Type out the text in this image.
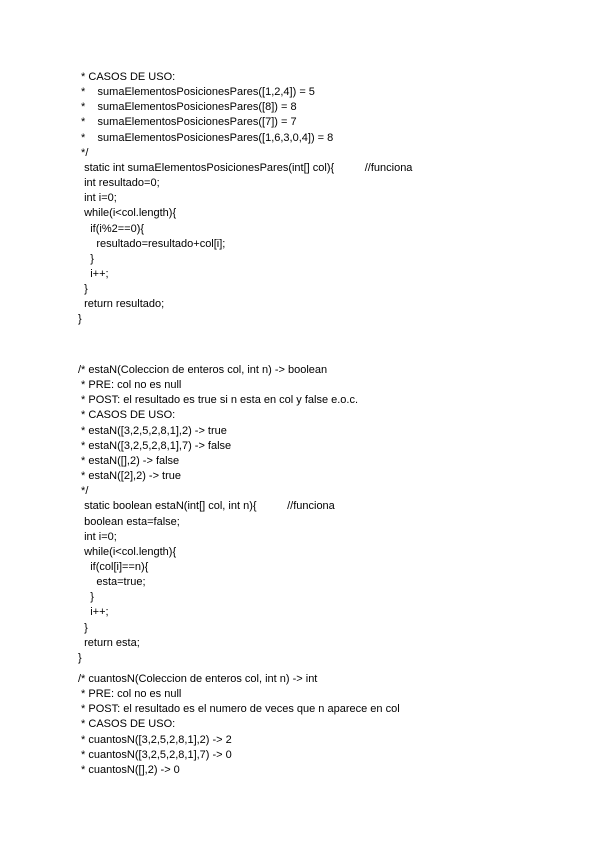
* CASOS DE USO:
*    sumaElementosPosicionesPares([1,2,4]) = 5
*    sumaElementosPosicionesPares([8]) = 8
*    sumaElementosPosicionesPares([7]) = 7
*    sumaElementosPosicionesPares([1,6,3,0,4]) = 8
*/
static int sumaElementosPosicionesPares(int[] col){          //funciona
int resultado=0;
int i=0;
while(i<col.length){
if(i%2==0){
resultado=resultado+col[i];
}
i++;
}
return resultado;
}
/* estaN(Coleccion de enteros col, int n) -> boolean
* PRE: col no es null
* POST: el resultado es true si n esta en col y false e.o.c.
* CASOS DE USO:
* estaN([3,2,5,2,8,1],2) -> true
* estaN([3,2,5,2,8,1],7) -> false
* estaN([],2) -> false
* estaN([2],2) -> true
*/
static boolean estaN(int[] col, int n){          //funciona
boolean esta=false;
int i=0;
while(i<col.length){
if(col[i]==n){
esta=true;
}
i++;
}
return esta;
}
/* cuantosN(Coleccion de enteros col, int n) -> int
* PRE: col no es null
* POST: el resultado es el numero de veces que n aparece en col
* CASOS DE USO:
* cuantosN([3,2,5,2,8,1],2) -> 2
* cuantosN([3,2,5,2,8,1],7) -> 0
* cuantosN([],2) -> 0
